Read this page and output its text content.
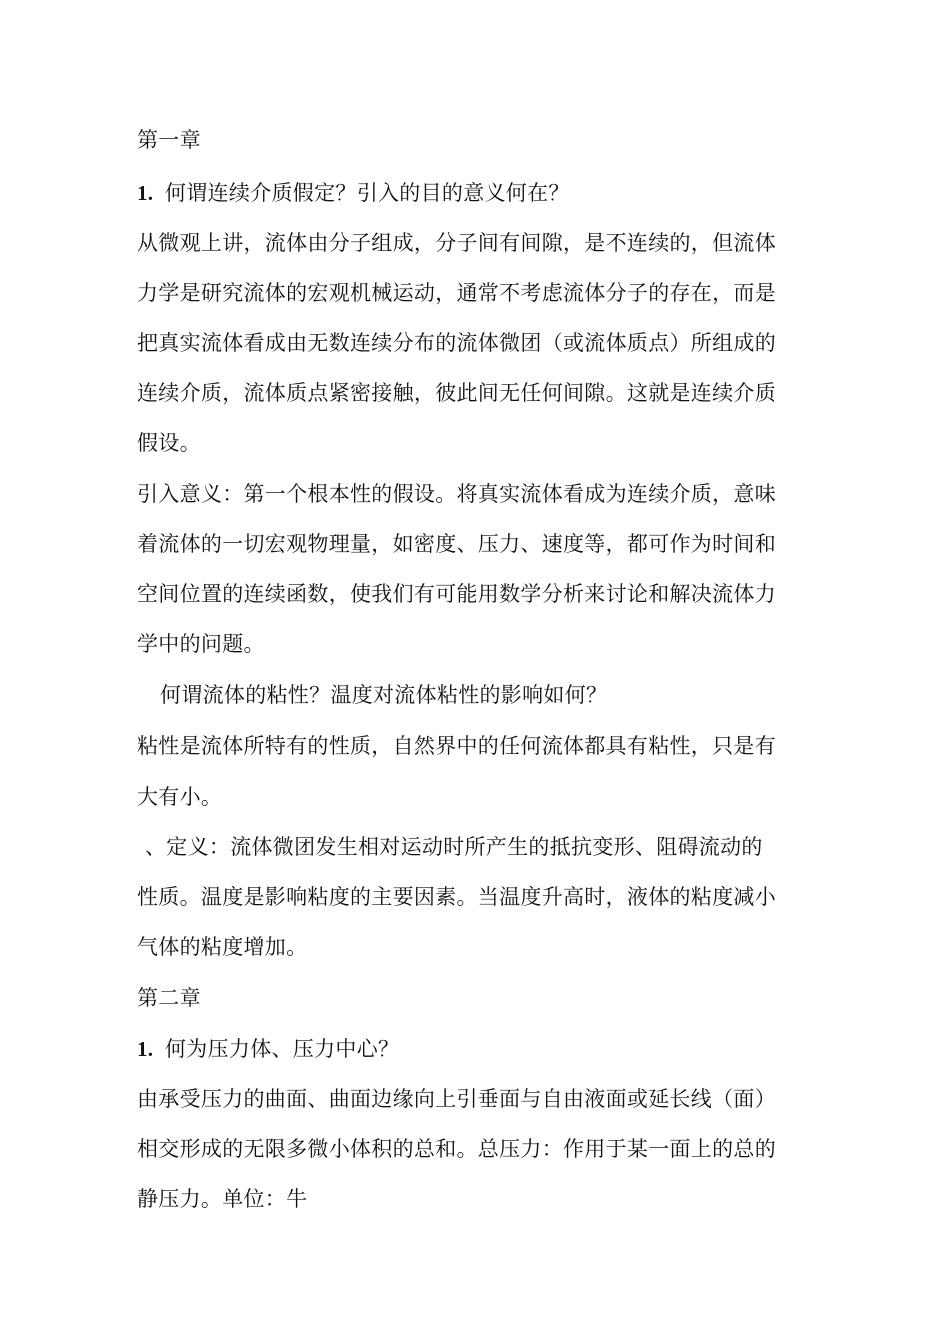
第一章
1. 何谓连续介质假定？引入的目的意义何在？
从微观上讲，流体由分子组成，分子间有间隙，是不连续的，但流体
力学是研究流体的宏观机械运动，通常不考虑流体分子的存在，而是
把真实流体看成由无数连续分布的流体微团（或流体质点）所组成的
连续介质，流体质点紧密接触，彼此间无任何间隙。这就是连续介质
假设。
引入意义：第一个根本性的假设。将真实流体看成为连续介质，意味
着流体的一切宏观物理量，如密度、压力、速度等，都可作为时间和
空间位置的连续函数，使我们有可能用数学分析来讨论和解决流体力
学中的问题。
何谓流体的粘性？温度对流体粘性的影响如何？
粘性是流体所特有的性质，自然界中的任何流体都具有粘性，只是有
大有小。
、定义：流体微团发生相对运动时所产生的抵抗变形、阻碍流动的
性质。温度是影响粘度的主要因素。当温度升高时，液体的粘度减小
气体的粘度增加。
第二章
1. 何为压力体、压力中心？
由承受压力的曲面、曲面边缘向上引垂面与自由液面或延长线（面）
相交形成的无限多微小体积的总和。总压力：作用于某一面上的总的
静压力。单位：牛
